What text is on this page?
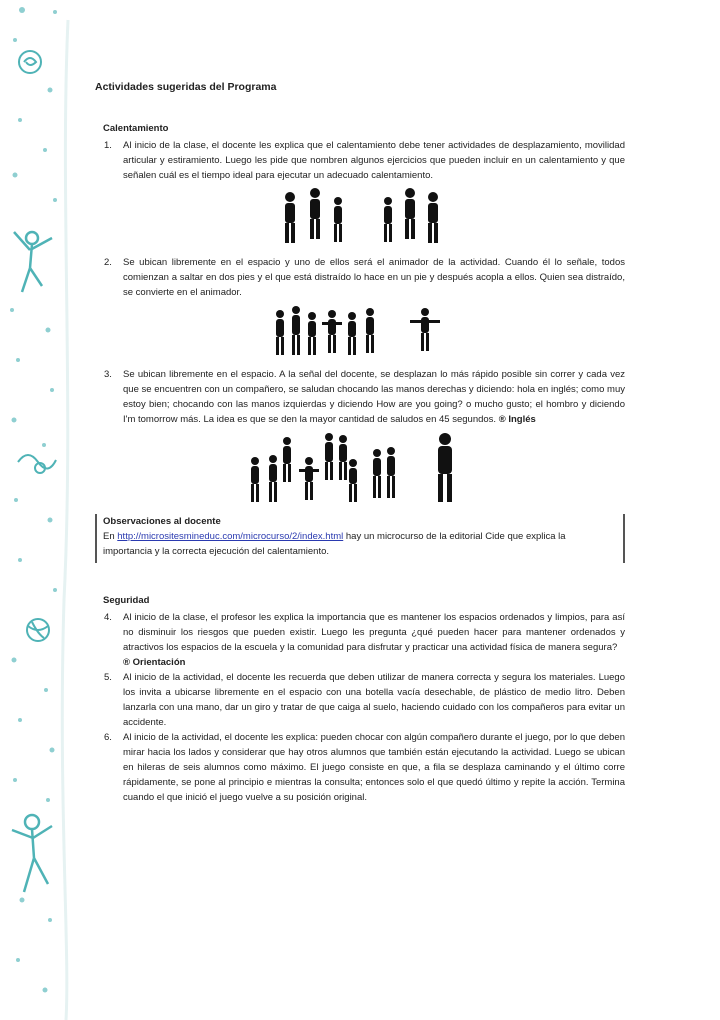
Actividades sugeridas del Programa
Calentamiento
1. Al inicio de la clase, el docente les explica que el calentamiento debe tener actividades de desplazamiento, movilidad articular y estiramiento. Luego les pide que nombren algunos ejercicios que pueden incluir en un calentamiento y que señalen cuál es el tiempo ideal para ejecutar un adecuado calentamiento.
2. Se ubican libremente en el espacio y uno de ellos será el animador de la actividad. Cuando él lo señale, todos comienzan a saltar en dos pies y el que está distraído lo hace en un pie y después acopla a ellos. Quien sea distraído, se convierte en el animador.
3. Se ubican libremente en el espacio. A la señal del docente, se desplazan lo más rápido posible sin correr y cada vez que se encuentren con un compañero, se saludan chocando las manos derechas y diciendo: hola en inglés; como muy estoy bien; chocando con las manos izquierdas y diciendo How are you going? o mucho gusto; el hombro y diciendo I'm tomorrow más. La idea es que se den la mayor cantidad de saludos en 45 segundos. ® Inglés
Observaciones al docente
En http://micrositesmineduc.com/microcurso/2/index.html hay un microcurso de la editorial Cide que explica la importancia y la correcta ejecución del calentamiento.
Seguridad
4. Al inicio de la clase, el profesor les explica la importancia que es mantener los espacios ordenados y limpios, para así no disminuir los riesgos que pueden existir. Luego les pregunta ¿qué pueden hacer para mantener ordenados y atractivos los espacios de la escuela y la comunidad para disfrutar y practicar una actividad física de manera segura?
® Orientación
5. Al inicio de la actividad, el docente les recuerda que deben utilizar de manera correcta y segura los materiales. Luego los invita a ubicarse libremente en el espacio con una botella vacía desechable, de plástico de medio litro. Deben lanzarla con una mano, dar un giro y tratar de que caiga al suelo, haciendo cuidado con los compañeros para evitar un accidente.
6. Al inicio de la actividad, el docente les explica: pueden chocar con algún compañero durante el juego, por lo que deben mirar hacia los lados y considerar que hay otros alumnos que también están ejecutando la actividad. Luego se ubican en hileras de seis alumnos como máximo. El juego consiste en que, a fila se desplaza caminando y el último corre rápidamente, se pone al principio e mientras la consulta; entonces solo el que quedó último y repite la acción. Termina cuando el que inició el juego vuelve a su posición original.
